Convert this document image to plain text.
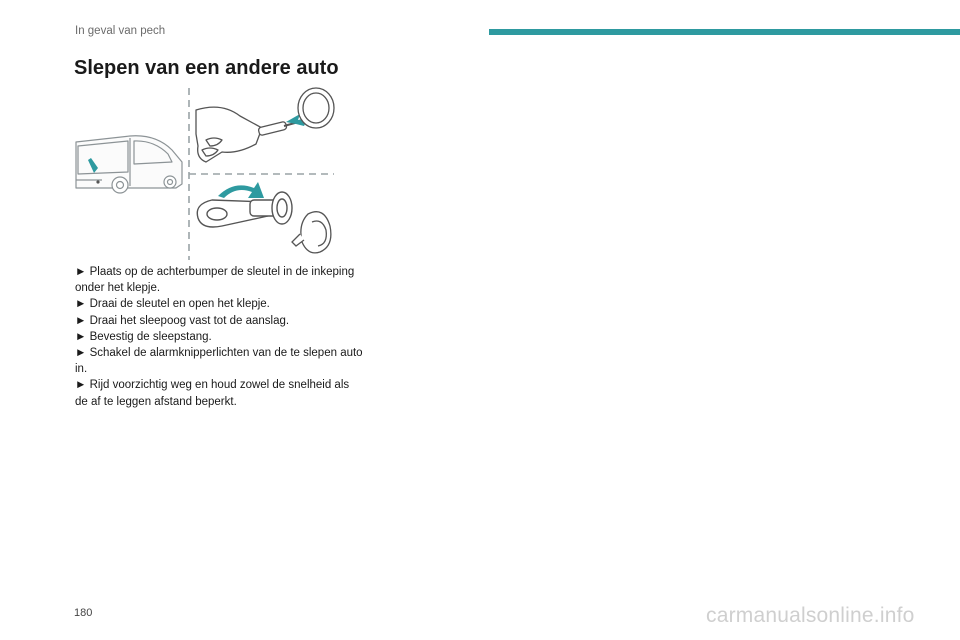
In geval van pech
Slepen van een andere auto
► Plaats op de achterbumper de sleutel in de inkeping onder het klepje.
► Draai de sleutel en open het klepje.
► Draai het sleepoog vast tot de aanslag.
► Bevestig de sleepstang.
► Schakel de alarmknipperlichten van de te slepen auto in.
► Rijd voorzichtig weg en houd zowel de snelheid als de af te leggen afstand beperkt.
180	carmanualsonline.info
